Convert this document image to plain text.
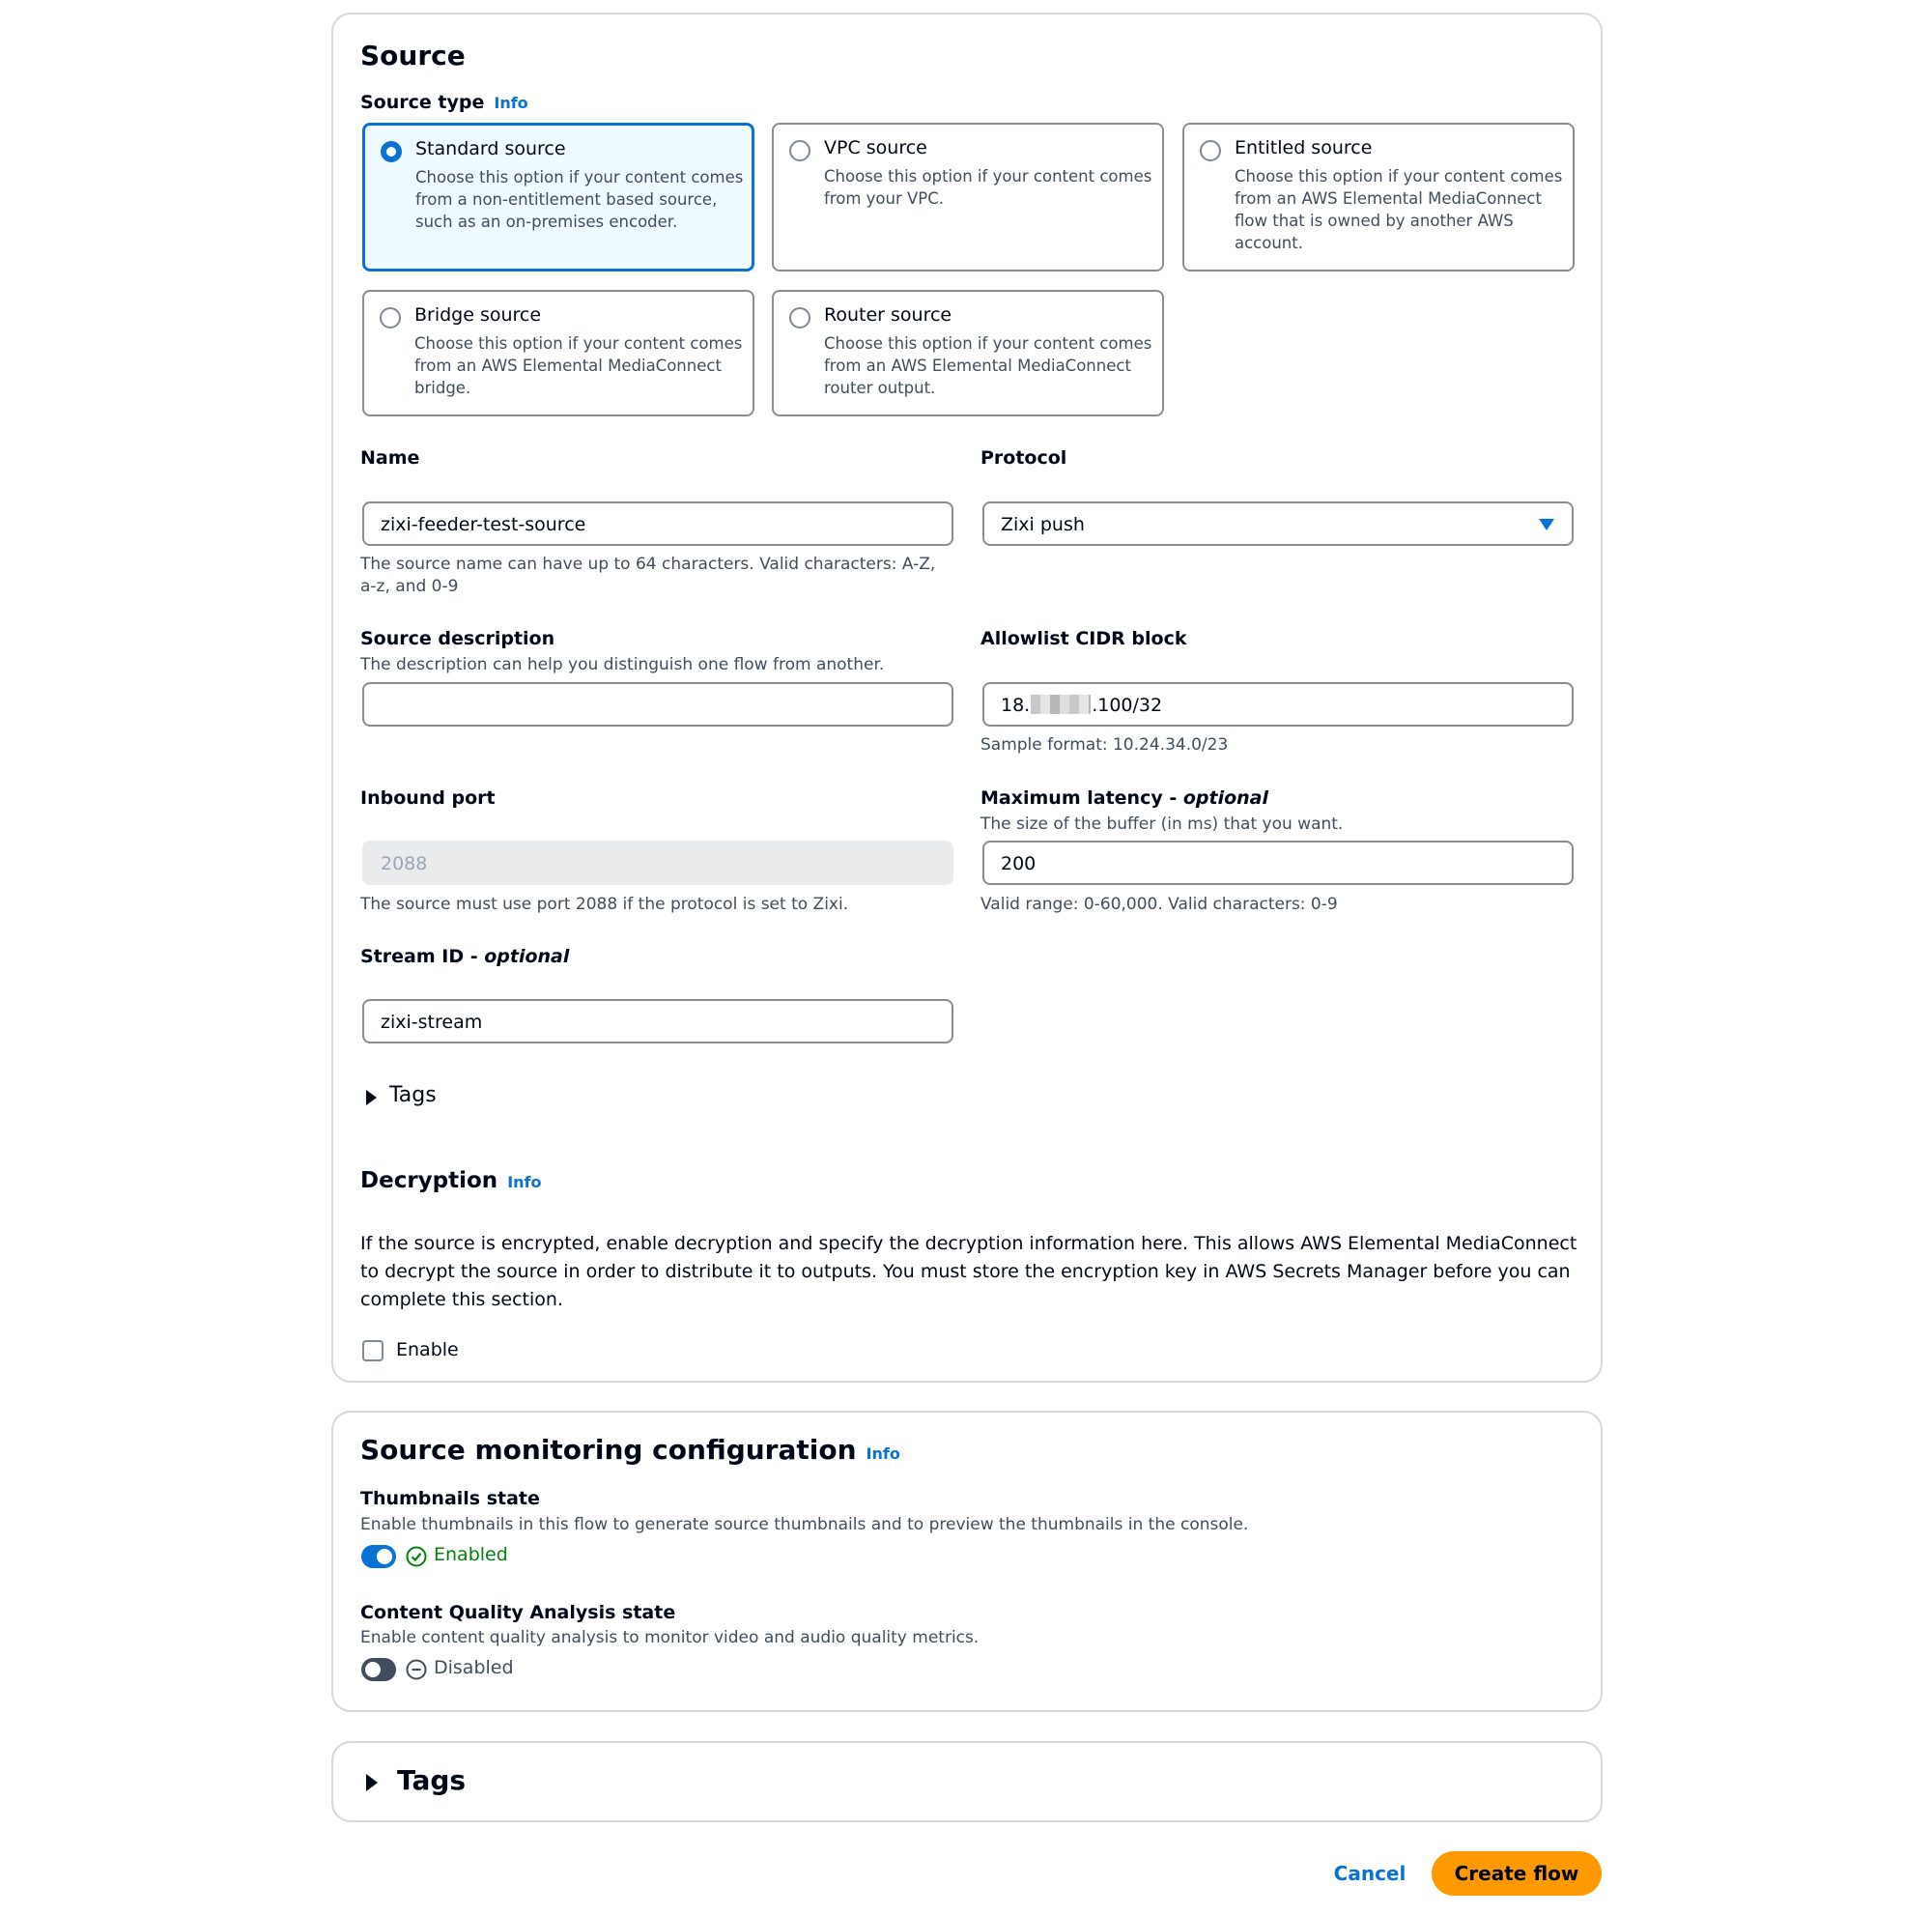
Source
Source type Info
Standard source
Choose this option if your content comes from a non-entitlement based source, such as an on-premises encoder.
VPC source
Choose this option if your content comes from your VPC.
Entitled source
Choose this option if your content comes from an AWS Elemental MediaConnect flow that is owned by another AWS account.
Bridge source
Choose this option if your content comes from an AWS Elemental MediaConnect bridge.
Router source
Choose this option if your content comes from an AWS Elemental MediaConnect router output.
Name
zixi-feeder-test-source
The source name can have up to 64 characters. Valid characters: A-Z, a-z, and 0-9
Protocol
Zixi push
Source description
The description can help you distinguish one flow from another.
Allowlist CIDR block
18.	.100/32
Sample format: 10.24.34.0/23
Inbound port
2088
The source must use port 2088 if the protocol is set to Zixi.
Maximum latency - optional
The size of the buffer (in ms) that you want.
200
Valid range: 0-60,000. Valid characters: 0-9
Stream ID - optional
zixi-stream
Tags
Decryption Info
If the source is encrypted, enable decryption and specify the decryption information here. This allows AWS Elemental MediaConnect to decrypt the source in order to distribute it to outputs. You must store the encryption key in AWS Secrets Manager before you can complete this section.
Enable
Source monitoring configuration Info
Thumbnails state
Enable thumbnails in this flow to generate source thumbnails and to preview the thumbnails in the console.
Enabled
Content Quality Analysis state
Enable content quality analysis to monitor video and audio quality metrics.
Disabled
Tags
Cancel	Create flow
